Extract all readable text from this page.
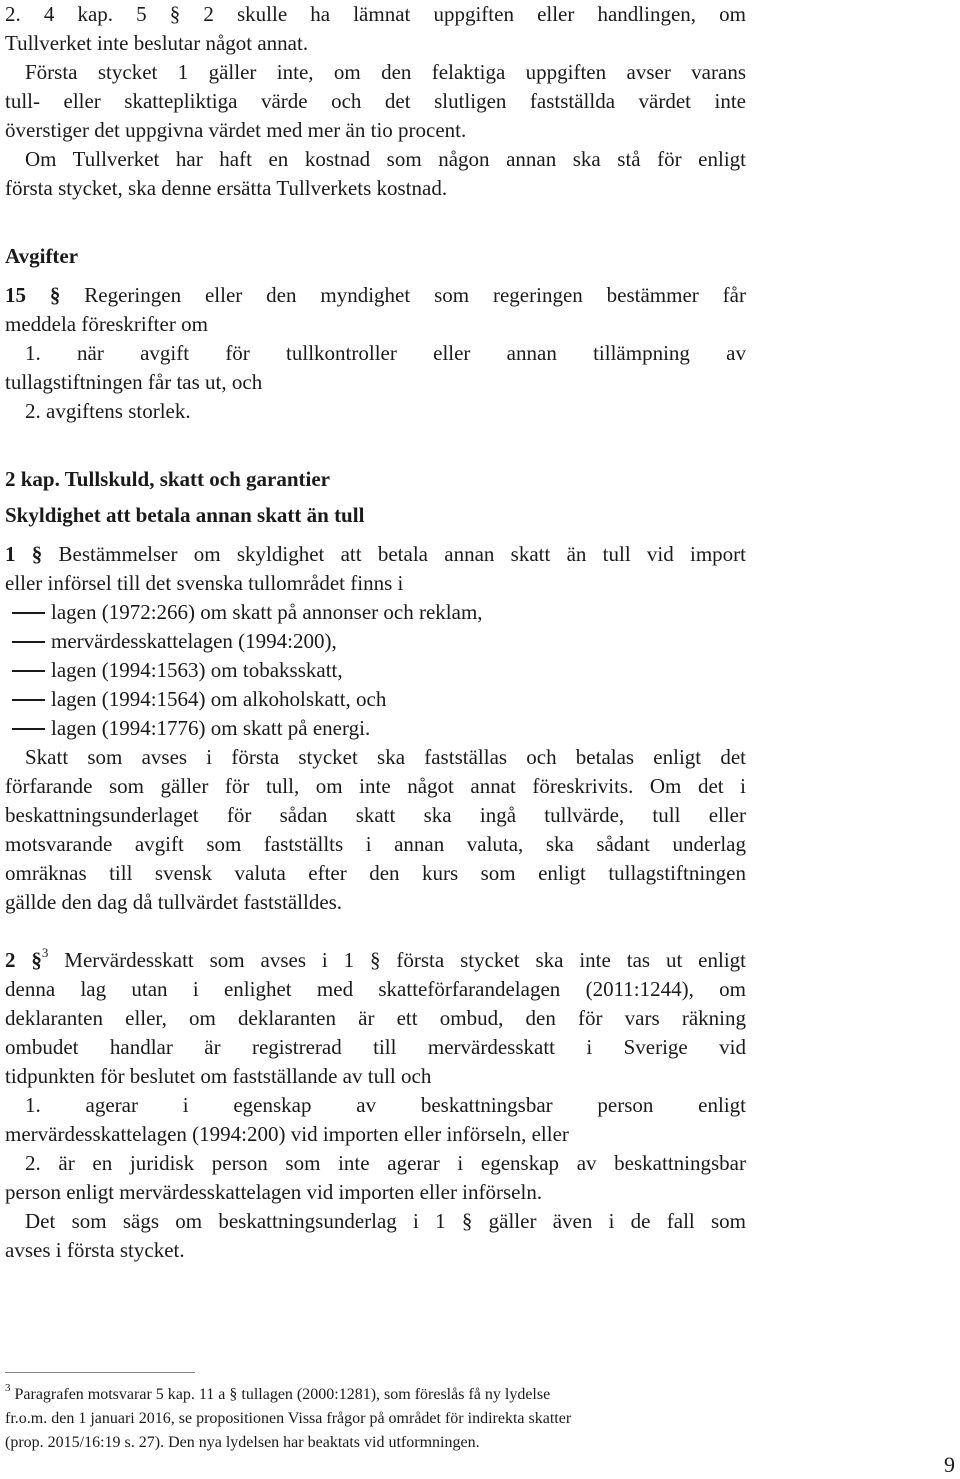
2. 4 kap. 5 § 2 skulle ha lämnat uppgiften eller handlingen, om
Tullverket inte beslutar något annat.
Första stycket 1 gäller inte, om den felaktiga uppgiften avser varans
tull- eller skattepliktiga värde och det slutligen fastställda värdet inte
överstiger det uppgivna värdet med mer än tio procent.
Om Tullverket har haft en kostnad som någon annan ska stå för enligt
första stycket, ska denne ersätta Tullverkets kostnad.
Avgifter
15 § Regeringen eller den myndighet som regeringen bestämmer får
meddela föreskrifter om
1. när avgift för tullkontroller eller annan tillämpning av
tullagstiftningen får tas ut, och
2. avgiftens storlek.
2 kap. Tullskuld, skatt och garantier
Skyldighet att betala annan skatt än tull
1 § Bestämmelser om skyldighet att betala annan skatt än tull vid import
eller införsel till det svenska tullområdet finns i
lagen (1972:266) om skatt på annonser och reklam,
mervärdesskattelagen (1994:200),
lagen (1994:1563) om tobaksskatt,
lagen (1994:1564) om alkoholskatt, och
lagen (1994:1776) om skatt på energi.
Skatt som avses i första stycket ska fastställas och betalas enligt det
förfarande som gäller för tull, om inte något annat föreskrivits. Om det i
beskattningsunderlaget för sådan skatt ska ingå tullvärde, tull eller
motsvarande avgift som fastställts i annan valuta, ska sådant underlag
omräknas till svensk valuta efter den kurs som enligt tullagstiftningen
gällde den dag då tullvärdet fastställdes.
2 §$^3$ Mervärdesskatt som avses i 1 § första stycket ska inte tas ut enligt
denna lag utan i enlighet med skatteförfarandelagen (2011:1244), om
deklaranten eller, om deklaranten är ett ombud, den för vars räkning
ombudet handlar är registrerad till mervärdesskatt i Sverige vid
tidpunkten för beslutet om fastställande av tull och
1. agerar i egenskap av beskattningsbar person enligt
mervärdesskattelagen (1994:200) vid importen eller införseln, eller
2. är en juridisk person som inte agerar i egenskap av beskattningsbar
person enligt mervärdesskattelagen vid importen eller införseln.
Det som sägs om beskattningsunderlag i 1 § gäller även i de fall som
avses i första stycket.
$^3$ Paragrafen motsvarar 5 kap. 11 a § tullagen (2000:1281), som föreslås få ny lydelse
fr.o.m. den 1 januari 2016, se propositionen Vissa frågor på området för indirekta skatter
(prop. 2015/16:19 s. 27). Den nya lydelsen har beaktats vid utformningen.
9
